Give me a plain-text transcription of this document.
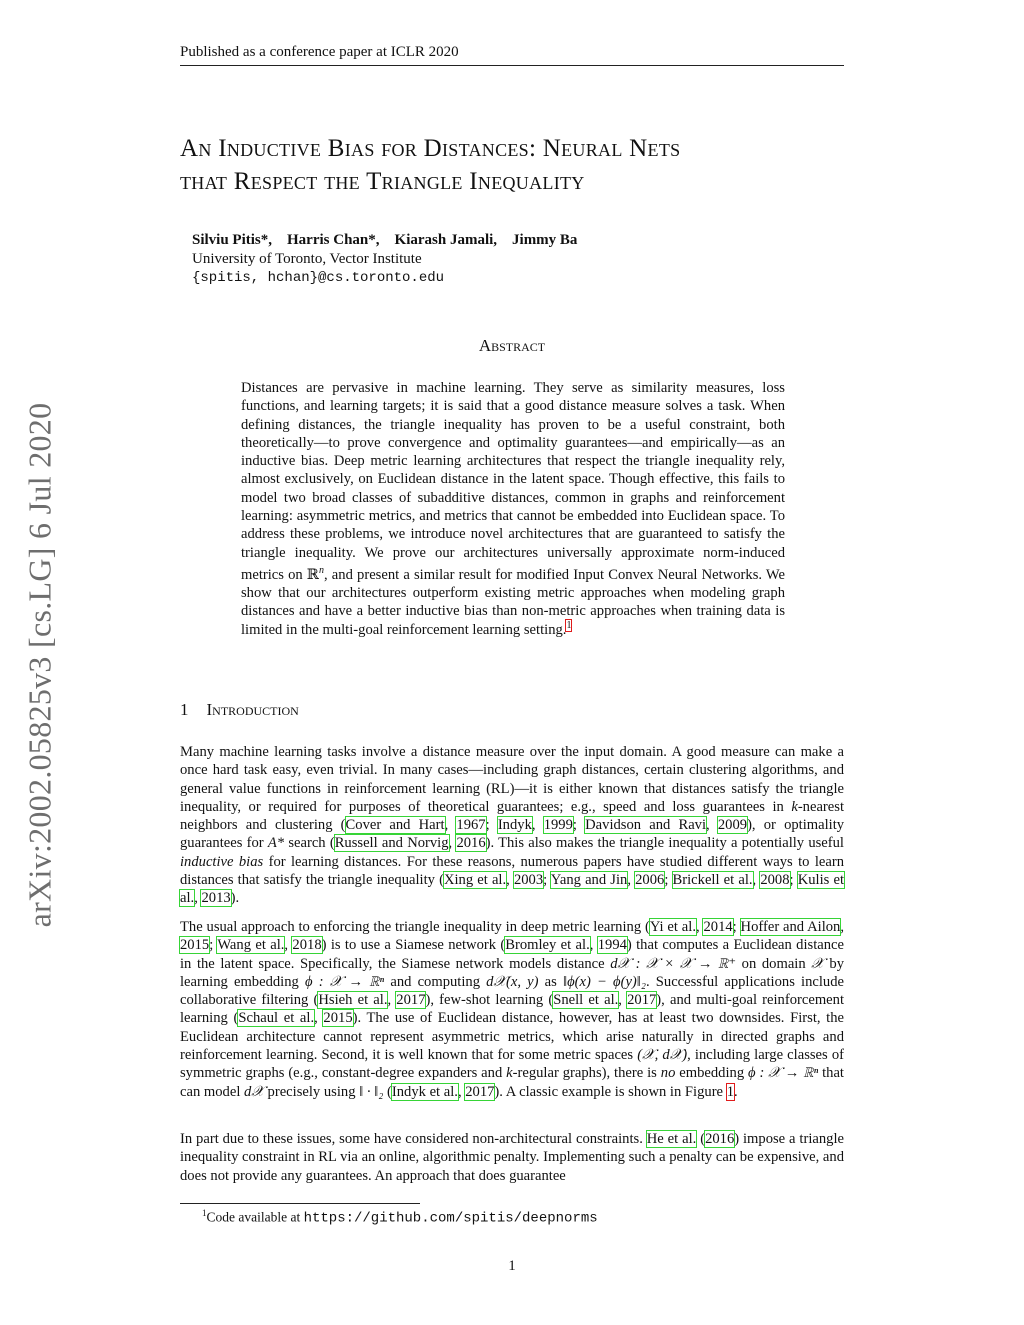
Published as a conference paper at ICLR 2020
arXiv:2002.05825v3 [cs.LG] 6 Jul 2020
An Inductive Bias for Distances: Neural Nets
that Respect the Triangle Inequality
Silviu Pitis*,    Harris Chan*,    Kiarash Jamali,    Jimmy Ba
University of Toronto, Vector Institute
{spitis, hchan}@cs.toronto.edu
Abstract
Distances are pervasive in machine learning. They serve as similarity measures, loss functions, and learning targets; it is said that a good distance measure solves a task. When defining distances, the triangle inequality has proven to be a useful constraint, both theoretically—to prove convergence and optimality guarantees—and empirically—as an inductive bias. Deep metric learning architectures that respect the triangle inequality rely, almost exclusively, on Euclidean distance in the latent space. Though effective, this fails to model two broad classes of subadditive distances, common in graphs and reinforcement learning: asymmetric metrics, and metrics that cannot be embedded into Euclidean space. To address these problems, we introduce novel architectures that are guaranteed to satisfy the triangle inequality. We prove our architectures universally approximate norm-induced metrics on ℝ$^n$, and present a similar result for modified Input Convex Neural Networks. We show that our architectures outperform existing metric approaches when modeling graph distances and have a better inductive bias than non-metric approaches when training data is limited in the multi-goal reinforcement learning setting.$^1$
1 Introduction
Many machine learning tasks involve a distance measure over the input domain. A good measure can make a once hard task easy, even trivial. In many cases—including graph distances, certain clustering algorithms, and general value functions in reinforcement learning (RL)—it is either known that distances satisfy the triangle inequality, or required for purposes of theoretical guarantees; e.g., speed and loss guarantees in k-nearest neighbors and clustering (Cover and Hart, 1967; Indyk, 1999; Davidson and Ravi, 2009), or optimality guarantees for A* search (Russell and Norvig, 2016). This also makes the triangle inequality a potentially useful inductive bias for learning distances. For these reasons, numerous papers have studied different ways to learn distances that satisfy the triangle inequality (Xing et al., 2003; Yang and Jin, 2006; Brickell et al., 2008; Kulis et al., 2013).
The usual approach to enforcing the triangle inequality in deep metric learning (Yi et al., 2014; Hoffer and Ailon, 2015; Wang et al., 2018) is to use a Siamese network (Bromley et al., 1994) that computes a Euclidean distance in the latent space. Specifically, the Siamese network models distance d𝒳 : 𝒳 × 𝒳 → ℝ⁺ on domain 𝒳 by learning embedding ϕ : 𝒳 → ℝⁿ and computing d𝒳(x, y) as ‖ϕ(x) − ϕ(y)‖₂. Successful applications include collaborative filtering (Hsieh et al., 2017), few-shot learning (Snell et al., 2017), and multi-goal reinforcement learning (Schaul et al., 2015). The use of Euclidean distance, however, has at least two downsides. First, the Euclidean architecture cannot represent asymmetric metrics, which arise naturally in directed graphs and reinforcement learning. Second, it is well known that for some metric spaces (𝒳, d𝒳), including large classes of symmetric graphs (e.g., constant-degree expanders and k-regular graphs), there is no embedding ϕ : 𝒳 → ℝⁿ that can model d𝒳 precisely using ‖ · ‖₂ (Indyk et al., 2017). A classic example is shown in Figure 1.
In part due to these issues, some have considered non-architectural constraints. He et al. (2016) impose a triangle inequality constraint in RL via an online, algorithmic penalty. Implementing such a penalty can be expensive, and does not provide any guarantees. An approach that does guarantee
$^1$Code available at https://github.com/spitis/deepnorms
1
